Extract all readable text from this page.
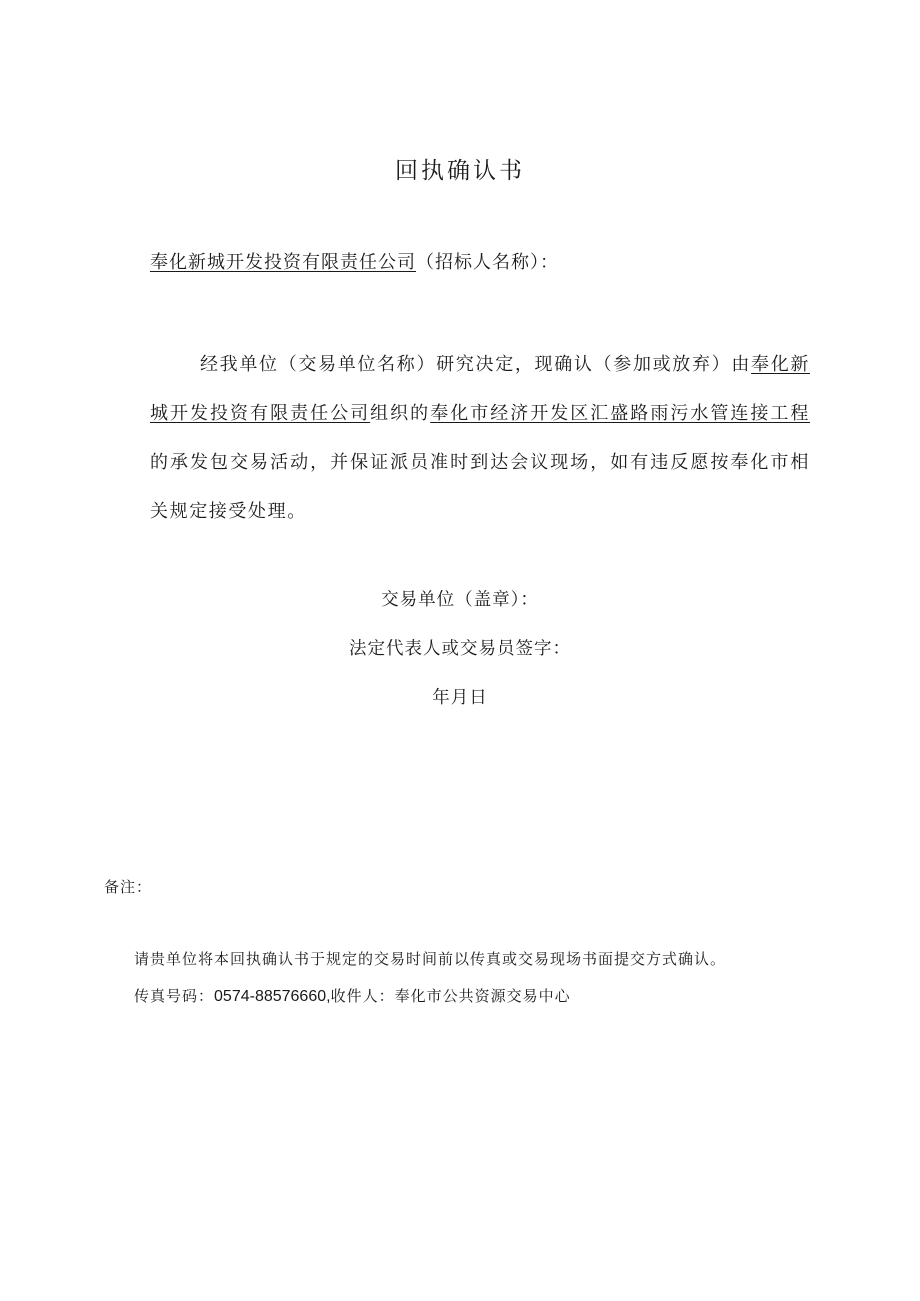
回执确认书
奉化新城开发投资有限责任公司（招标人名称）：
经我单位（交易单位名称）研究决定，现确认（参加或放弃）由奉化新城开发投资有限责任公司组织的奉化市经济开发区汇盛路雨污水管连接工程的承发包交易活动，并保证派员准时到达会议现场，如有违反愿按奉化市相关规定接受处理。
交易单位（盖章）：
法定代表人或交易员签字：
年月日
备注：
请贵单位将本回执确认书于规定的交易时间前以传真或交易现场书面提交方式确认。
传真号码：0574-88576660,收件人：奉化市公共资源交易中心
